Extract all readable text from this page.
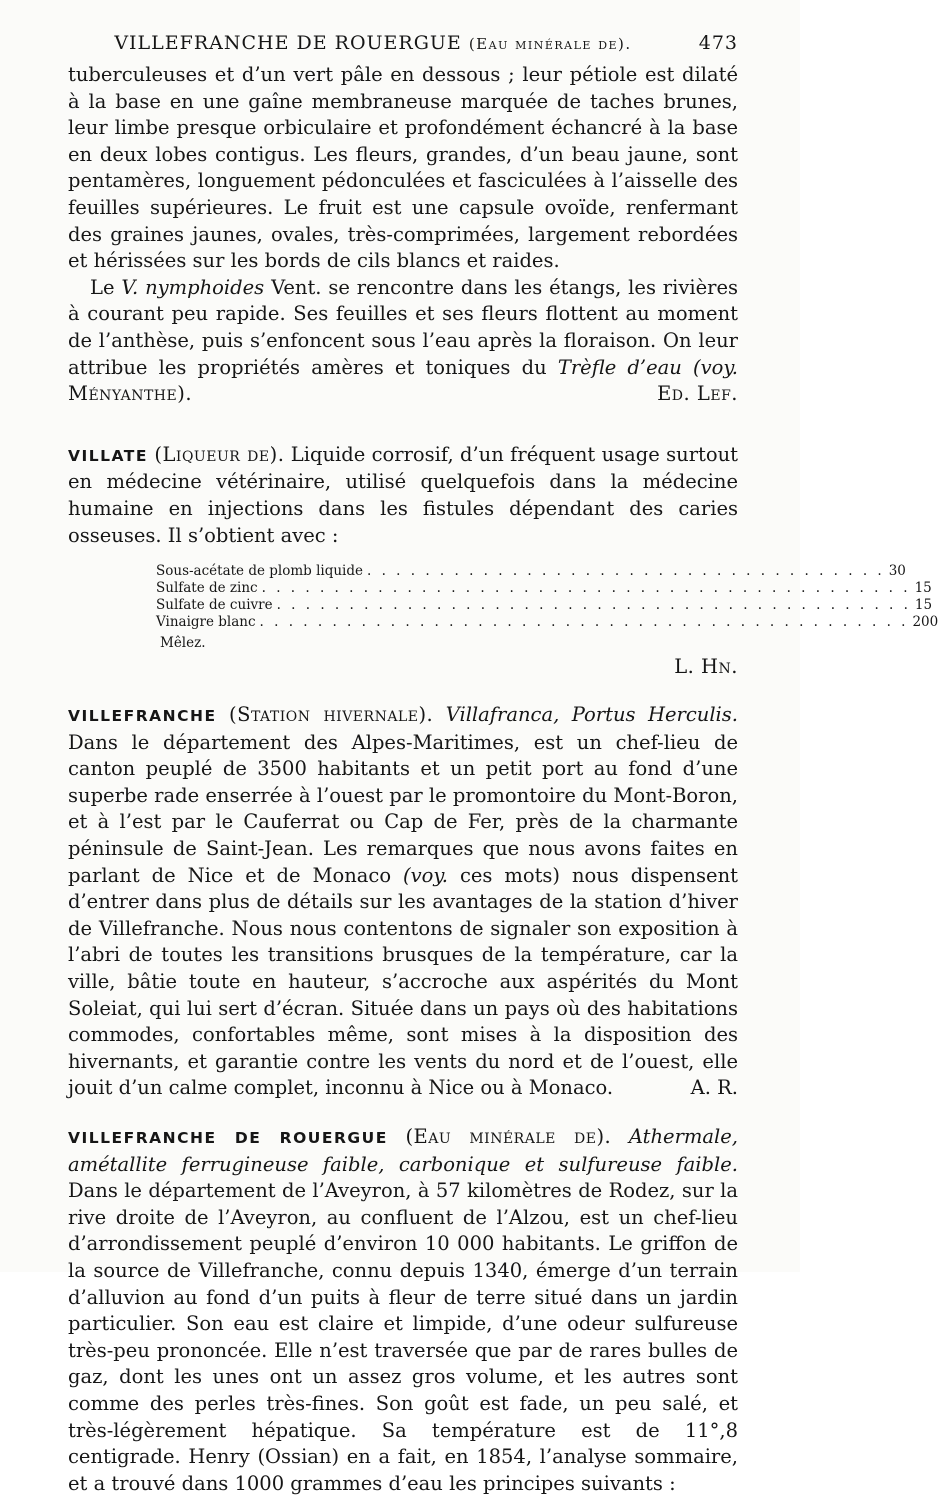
VILLEFRANCHE DE ROUERGUE (Eau minérale de).	473

tuberculeuses et d’un vert pâle en dessous ; leur pétiole est dilaté à la base en une gaîne membraneuse marquée de taches brunes, leur limbe presque orbiculaire et profondément échancré à la base en deux lobes contigus. Les fleurs, grandes, d’un beau jaune, sont pentamères, longuement pédonculées et fasciculées à l’aisselle des feuilles supérieures. Le fruit est une capsule ovoïde, renfermant des graines jaunes, ovales, très-comprimées, largement rebordées et hérissées sur les bords de cils blancs et raides.

Le V. nymphoides Vent. se rencontre dans les étangs, les rivières à courant peu rapide. Ses feuilles et ses fleurs flottent au moment de l’anthèse, puis s’enfoncent sous l’eau après la floraison. On leur attribue les propriétés amères et toniques du Trèfle d’eau (voy. Ményanthe).	Ed. Lef.

VILLATE (Liqueur de). Liquide corrosif, d’un fréquent usage surtout en médecine vétérinaire, utilisé quelquefois dans la médecine humaine en injections dans les fistules dépendant des caries osseuses. Il s’obtient avec :

Sous-acétate de plomb liquide . . . . . . . . . . . . . . . . . . . . . . . . . . . . . . . . . . . . 30
Sulfate de zinc . . . . . . . . . . . . . . . . . . . . . . . . . . . . . . . . . . . . . . . . . . . . . 15
Sulfate de cuivre . . . . . . . . . . . . . . . . . . . . . . . . . . . . . . . . . . . . . . . . . . . . 15
Vinaigre blanc . . . . . . . . . . . . . . . . . . . . . . . . . . . . . . . . . . . . . . . . . . . . . 200
Mêlez.
L. Hn.

VILLEFRANCHE (Station hivernale). Villafranca, Portus Herculis. Dans le département des Alpes-Maritimes, est un chef-lieu de canton peuplé de 3500 habitants et un petit port au fond d’une superbe rade enserrée à l’ouest par le promontoire du Mont-Boron, et à l’est par le Cauferrat ou Cap de Fer, près de la charmante péninsule de Saint-Jean. Les remarques que nous avons faites en parlant de Nice et de Monaco (voy. ces mots) nous dispensent d’entrer dans plus de détails sur les avantages de la station d’hiver de Villefranche. Nous nous contentons de signaler son exposition à l’abri de toutes les transitions brusques de la température, car la ville, bâtie toute en hauteur, s’accroche aux aspérités du Mont Soleiat, qui lui sert d’écran. Située dans un pays où des habitations commodes, confortables même, sont mises à la disposition des hivernants, et garantie contre les vents du nord et de l’ouest, elle jouit d’un calme complet, inconnu à Nice ou à Monaco.	A. R.

VILLEFRANCHE DE ROUERGUE (Eau minérale de). Athermale, amétallite ferrugineuse faible, carbonique et sulfureuse faible. Dans le département de l’Aveyron, à 57 kilomètres de Rodez, sur la rive droite de l’Aveyron, au confluent de l’Alzou, est un chef-lieu d’arrondissement peuplé d’environ 10 000 habitants. Le griffon de la source de Villefranche, connu depuis 1340, émerge d’un terrain d’alluvion au fond d’un puits à fleur de terre situé dans un jardin particulier. Son eau est claire et limpide, d’une odeur sulfureuse très-peu prononcée. Elle n’est traversée que par de rares bulles de gaz, dont les unes ont un assez gros volume, et les autres sont comme des perles très-fines. Son goût est fade, un peu salé, et très-légèrement hépatique. Sa température est de 11°,8 centigrade. Henry (Ossian) en a fait, en 1854, l’analyse sommaire, et a trouvé dans 1000 grammes d’eau les principes suivants :
